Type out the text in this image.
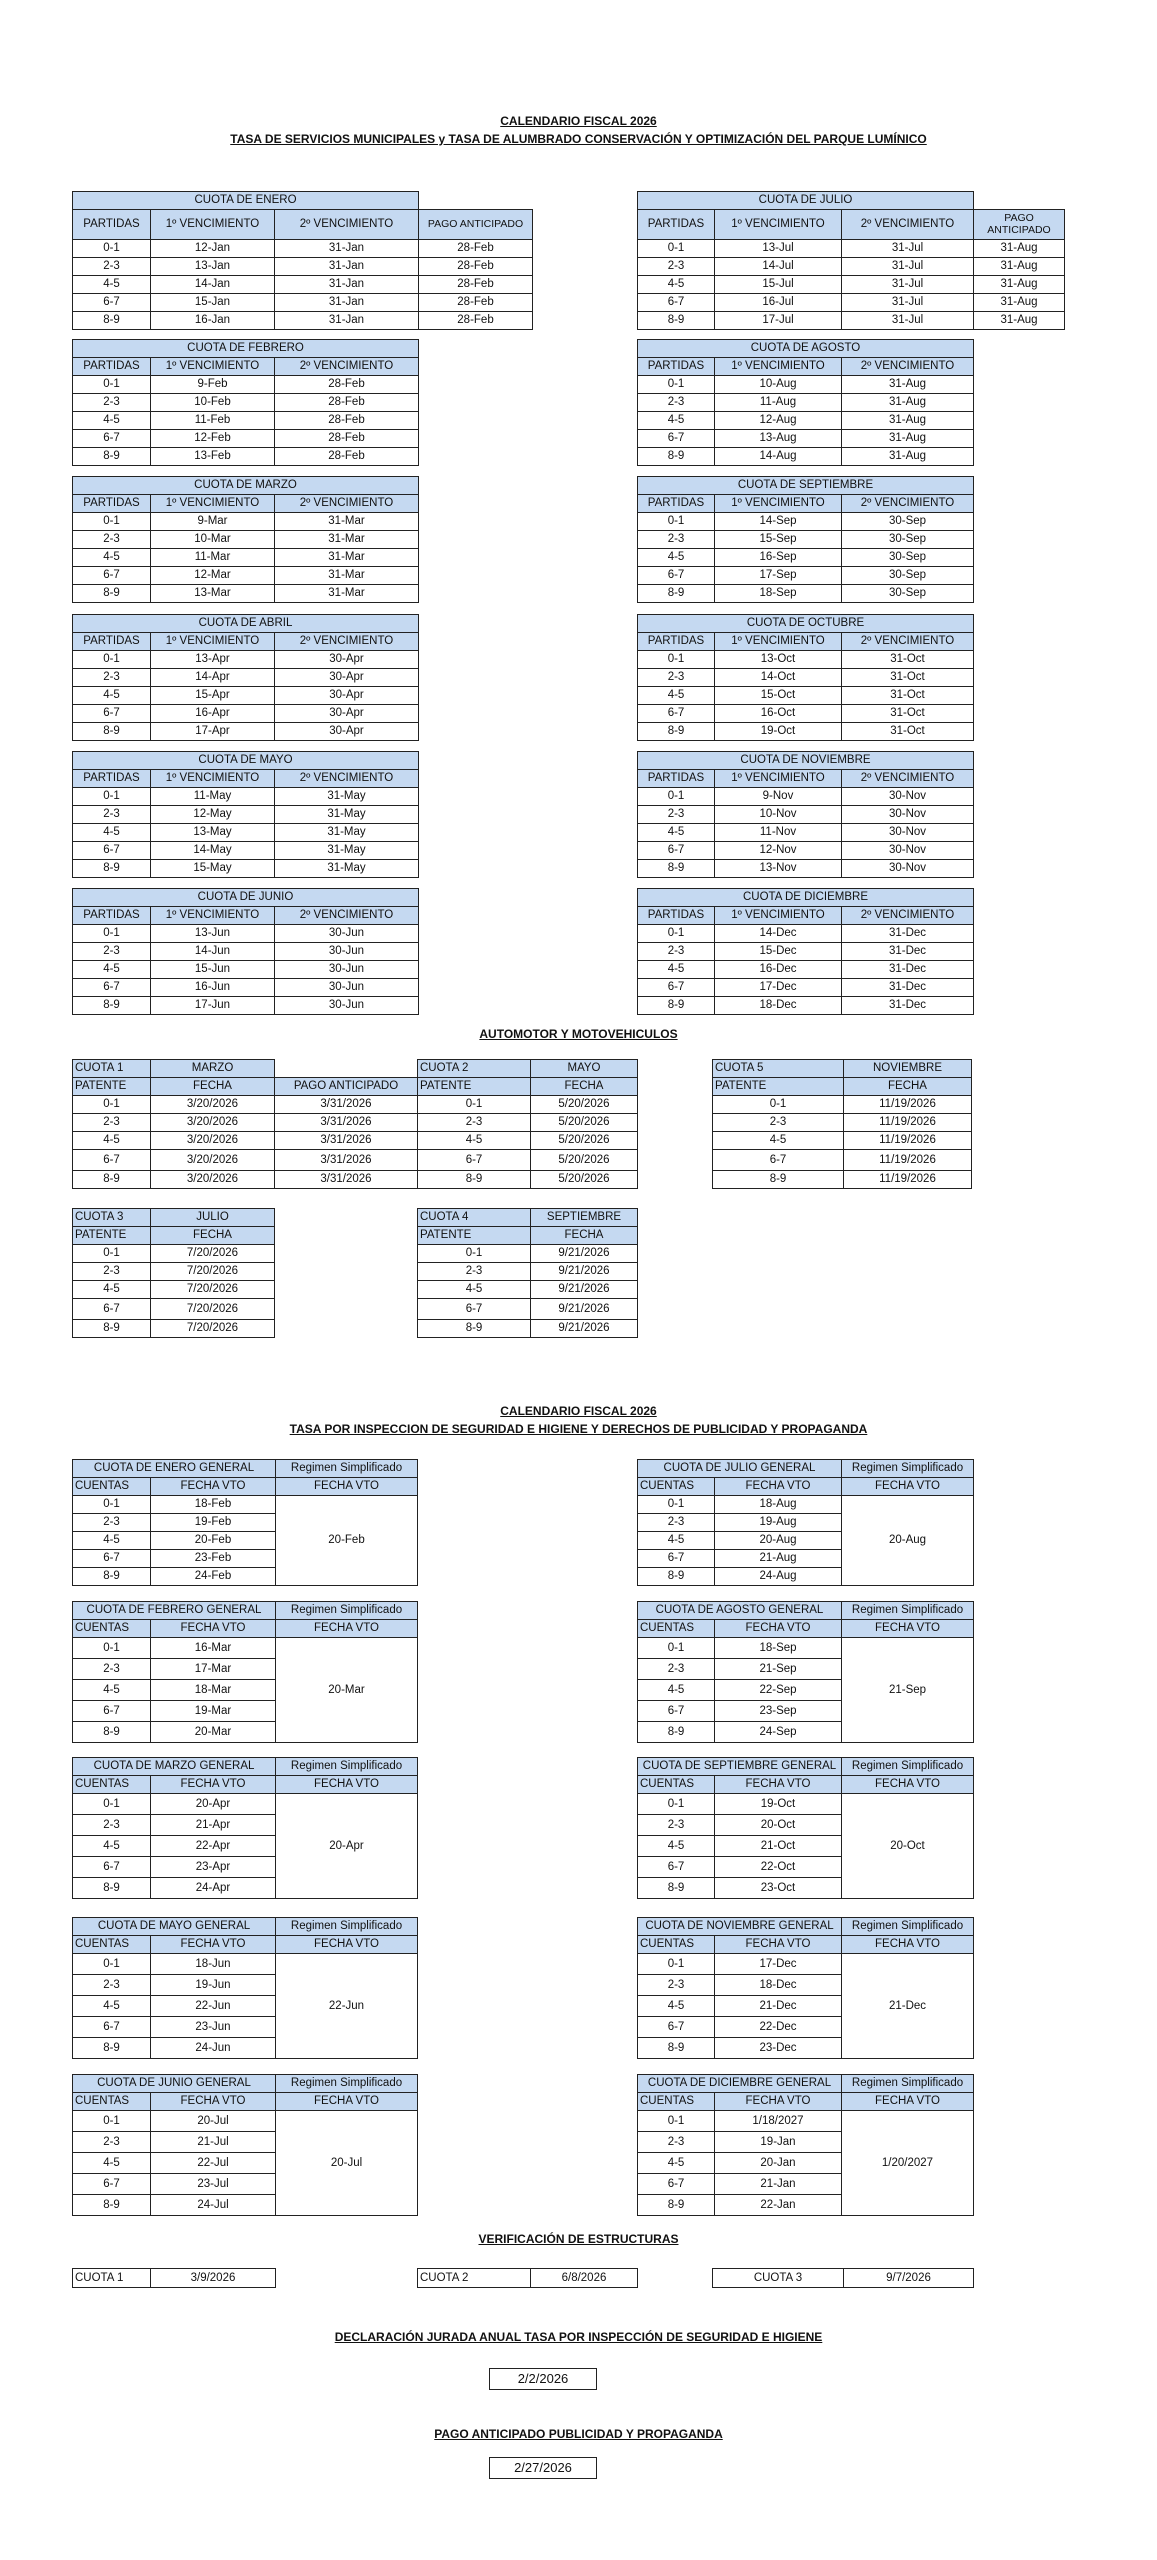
CALENDARIO FISCAL 2026
TASA DE SERVICIOS MUNICIPALES y TASA DE ALUMBRADO CONSERVACIÓN Y OPTIMIZACIÓN DEL PARQUE LUMÍNICO
AUTOMOTOR Y MOTOVEHICULOS
CALENDARIO FISCAL 2026
TASA POR INSPECCION DE SEGURIDAD E HIGIENE Y DERECHOS DE PUBLICIDAD Y PROPAGANDA
VERIFICACIÓN DE ESTRUCTURAS
DECLARACIÓN JURADA ANUAL TASA POR INSPECCIÓN DE SEGURIDAD E HIGIENE
2/2/2026
PAGO ANTICIPADO PUBLICIDAD Y PROPAGANDA
2/27/2026
CUOTA DE ENERO			
PARTIDAS	1º VENCIMIENTO	2º VENCIMIENTO	PAGO ANTICIPADO
0-1	12-Jan	31-Jan	28-Feb
2-3	13-Jan	31-Jan	28-Feb
4-5	14-Jan	31-Jan	28-Feb
6-7	15-Jan	31-Jan	28-Feb
8-9	16-Jan	31-Jan	28-Feb
CUOTA DE FEBRERO		
PARTIDAS	1º VENCIMIENTO	2º VENCIMIENTO
0-1	9-Feb	28-Feb
2-3	10-Feb	28-Feb
4-5	11-Feb	28-Feb
6-7	12-Feb	28-Feb
8-9	13-Feb	28-Feb
CUOTA DE MARZO		
PARTIDAS	1º VENCIMIENTO	2º VENCIMIENTO
0-1	9-Mar	31-Mar
2-3	10-Mar	31-Mar
4-5	11-Mar	31-Mar
6-7	12-Mar	31-Mar
8-9	13-Mar	31-Mar
CUOTA DE ABRIL		
PARTIDAS	1º VENCIMIENTO	2º VENCIMIENTO
0-1	13-Apr	30-Apr
2-3	14-Apr	30-Apr
4-5	15-Apr	30-Apr
6-7	16-Apr	30-Apr
8-9	17-Apr	30-Apr
CUOTA DE MAYO		
PARTIDAS	1º VENCIMIENTO	2º VENCIMIENTO
0-1	11-May	31-May
2-3	12-May	31-May
4-5	13-May	31-May
6-7	14-May	31-May
8-9	15-May	31-May
CUOTA DE JUNIO		
PARTIDAS	1º VENCIMIENTO	2º VENCIMIENTO
0-1	13-Jun	30-Jun
2-3	14-Jun	30-Jun
4-5	15-Jun	30-Jun
6-7	16-Jun	30-Jun
8-9	17-Jun	30-Jun
CUOTA DE JULIO			
PARTIDAS	1º VENCIMIENTO	2º VENCIMIENTO	PAGO ANTICIPADO
0-1	13-Jul	31-Jul	31-Aug
2-3	14-Jul	31-Jul	31-Aug
4-5	15-Jul	31-Jul	31-Aug
6-7	16-Jul	31-Jul	31-Aug
8-9	17-Jul	31-Jul	31-Aug
CUOTA DE AGOSTO		
PARTIDAS	1º VENCIMIENTO	2º VENCIMIENTO
0-1	10-Aug	31-Aug
2-3	11-Aug	31-Aug
4-5	12-Aug	31-Aug
6-7	13-Aug	31-Aug
8-9	14-Aug	31-Aug
CUOTA DE SEPTIEMBRE		
PARTIDAS	1º VENCIMIENTO	2º VENCIMIENTO
0-1	14-Sep	30-Sep
2-3	15-Sep	30-Sep
4-5	16-Sep	30-Sep
6-7	17-Sep	30-Sep
8-9	18-Sep	30-Sep
CUOTA DE OCTUBRE		
PARTIDAS	1º VENCIMIENTO	2º VENCIMIENTO
0-1	13-Oct	31-Oct
2-3	14-Oct	31-Oct
4-5	15-Oct	31-Oct
6-7	16-Oct	31-Oct
8-9	19-Oct	31-Oct
CUOTA DE NOVIEMBRE		
PARTIDAS	1º VENCIMIENTO	2º VENCIMIENTO
0-1	9-Nov	30-Nov
2-3	10-Nov	30-Nov
4-5	11-Nov	30-Nov
6-7	12-Nov	30-Nov
8-9	13-Nov	30-Nov
CUOTA DE DICIEMBRE		
PARTIDAS	1º VENCIMIENTO	2º VENCIMIENTO
0-1	14-Dec	31-Dec
2-3	15-Dec	31-Dec
4-5	16-Dec	31-Dec
6-7	17-Dec	31-Dec
8-9	18-Dec	31-Dec
CUOTA 1	MARZO	
PATENTE	FECHA	PAGO ANTICIPADO
0-1	3/20/2026	3/31/2026
2-3	3/20/2026	3/31/2026
4-5	3/20/2026	3/31/2026
6-7	3/20/2026	3/31/2026
8-9	3/20/2026	3/31/2026
CUOTA 2	MAYO
PATENTE	FECHA
0-1	5/20/2026
2-3	5/20/2026
4-5	5/20/2026
6-7	5/20/2026
8-9	5/20/2026
CUOTA 5	NOVIEMBRE
PATENTE	FECHA
0-1	11/19/2026
2-3	11/19/2026
4-5	11/19/2026
6-7	11/19/2026
8-9	11/19/2026
CUOTA 3	JULIO
PATENTE	FECHA
0-1	7/20/2026
2-3	7/20/2026
4-5	7/20/2026
6-7	7/20/2026
8-9	7/20/2026
CUOTA 4	SEPTIEMBRE
PATENTE	FECHA
0-1	9/21/2026
2-3	9/21/2026
4-5	9/21/2026
6-7	9/21/2026
8-9	9/21/2026
CUOTA DE ENERO GENERAL		Regimen Simplificado
CUENTAS	FECHA VTO	FECHA VTO
0-1	18-Feb	20-Feb
2-3	19-Feb	
4-5	20-Feb	
6-7	23-Feb	
8-9	24-Feb	
CUOTA DE FEBRERO GENERAL		Regimen Simplificado
CUENTAS	FECHA VTO	FECHA VTO
0-1	16-Mar	20-Mar
2-3	17-Mar	
4-5	18-Mar	
6-7	19-Mar	
8-9	20-Mar	
CUOTA DE MARZO GENERAL		Regimen Simplificado
CUENTAS	FECHA VTO	FECHA VTO
0-1	20-Apr	20-Apr
2-3	21-Apr	
4-5	22-Apr	
6-7	23-Apr	
8-9	24-Apr	
CUOTA DE MAYO GENERAL		Regimen Simplificado
CUENTAS	FECHA VTO	FECHA VTO
0-1	18-Jun	22-Jun
2-3	19-Jun	
4-5	22-Jun	
6-7	23-Jun	
8-9	24-Jun	
CUOTA DE JUNIO GENERAL		Regimen Simplificado
CUENTAS	FECHA VTO	FECHA VTO
0-1	20-Jul	20-Jul
2-3	21-Jul	
4-5	22-Jul	
6-7	23-Jul	
8-9	24-Jul	
CUOTA DE JULIO GENERAL		Regimen Simplificado
CUENTAS	FECHA VTO	FECHA VTO
0-1	18-Aug	20-Aug
2-3	19-Aug	
4-5	20-Aug	
6-7	21-Aug	
8-9	24-Aug	
CUOTA DE AGOSTO GENERAL		Regimen Simplificado
CUENTAS	FECHA VTO	FECHA VTO
0-1	18-Sep	21-Sep
2-3	21-Sep	
4-5	22-Sep	
6-7	23-Sep	
8-9	24-Sep	
CUOTA DE SEPTIEMBRE GENERAL		Regimen Simplificado
CUENTAS	FECHA VTO	FECHA VTO
0-1	19-Oct	20-Oct
2-3	20-Oct	
4-5	21-Oct	
6-7	22-Oct	
8-9	23-Oct	
CUOTA DE NOVIEMBRE GENERAL		Regimen Simplificado
CUENTAS	FECHA VTO	FECHA VTO
0-1	17-Dec	21-Dec
2-3	18-Dec	
4-5	21-Dec	
6-7	22-Dec	
8-9	23-Dec	
CUOTA DE DICIEMBRE GENERAL		Regimen Simplificado
CUENTAS	FECHA VTO	FECHA VTO
0-1	1/18/2027	1/20/2027
2-3	19-Jan	
4-5	20-Jan	
6-7	21-Jan	
8-9	22-Jan	
CUOTA 1	3/9/2026	CUOTA 2	6/8/2026	CUOTA 3	9/7/2026
